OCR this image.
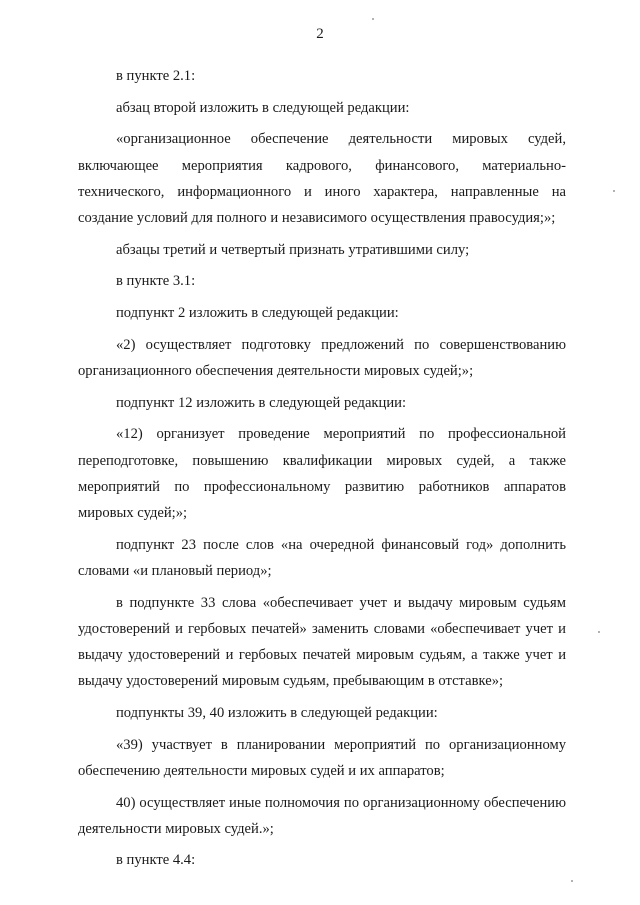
2

в пункте 2.1:

абзац второй изложить в следующей редакции:

«организационное обеспечение деятельности мировых судей, включающее мероприятия кадрового, финансового, материально-технического, информационного и иного характера, направленные на создание условий для полного и независимого осуществления правосудия;»;

абзацы третий и четвертый признать утратившими силу;

в пункте 3.1:

подпункт 2 изложить в следующей редакции:

«2) осуществляет подготовку предложений по совершенствованию организационного обеспечения деятельности мировых судей;»;

подпункт 12 изложить в следующей редакции:

«12) организует проведение мероприятий по профессиональной переподготовке, повышению квалификации мировых судей, а также мероприятий по профессиональному развитию работников аппаратов мировых судей;»;

подпункт 23 после слов «на очередной финансовый год» дополнить словами «и плановый период»;

в подпункте 33 слова «обеспечивает учет и выдачу мировым судьям удостоверений и гербовых печатей» заменить словами «обеспечивает учет и выдачу удостоверений и гербовых печатей мировым судьям, а также учет и выдачу удостоверений мировым судьям, пребывающим в отставке»;

подпункты 39, 40 изложить в следующей редакции:

«39) участвует в планировании мероприятий по организационному обеспечению деятельности мировых судей и их аппаратов;

40) осуществляет иные полномочия по организационному обеспечению деятельности мировых судей.»;

в пункте 4.4:
